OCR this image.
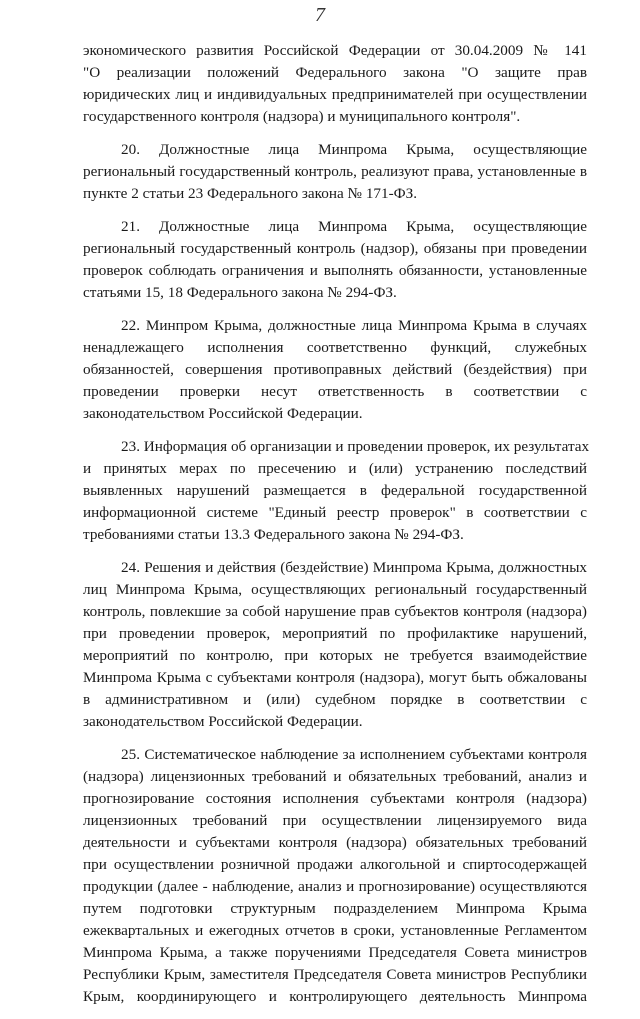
7
экономического развития Российской Федерации от 30.04.2009 № 141
"О реализации положений Федерального закона "О защите прав
юридических лиц и индивидуальных предпринимателей при осуществлении
государственного контроля (надзора) и муниципального контроля".
20. Должностные лица Минпрома Крыма, осуществляющие
региональный государственный контроль, реализуют права, установленные в
пункте 2 статьи 23 Федерального закона № 171-ФЗ.
21. Должностные лица Минпрома Крыма, осуществляющие
региональный государственный контроль (надзор), обязаны при проведении
проверок соблюдать ограничения и выполнять обязанности, установленные
статьями 15, 18 Федерального закона № 294-ФЗ.
22. Минпром Крыма, должностные лица Минпрома Крыма в случаях
ненадлежащего исполнения соответственно функций, служебных
обязанностей, совершения противоправных действий (бездействия) при
проведении проверки несут ответственность в соответствии с
законодательством Российской Федерации.
23. Информация об организации и проведении проверок, их результатах
и принятых мерах по пресечению и (или) устранению последствий
выявленных нарушений размещается в федеральной государственной
информационной системе "Единый реестр проверок" в соответствии с
требованиями статьи 13.3 Федерального закона № 294-ФЗ.
24. Решения и действия (бездействие) Минпрома Крыма, должностных
лиц Минпрома Крыма, осуществляющих региональный государственный
контроль, повлекшие за собой нарушение прав субъектов контроля (надзора)
при проведении проверок, мероприятий по профилактике нарушений,
мероприятий по контролю, при которых не требуется взаимодействие
Минпрома Крыма с субъектами контроля (надзора), могут быть обжалованы
в административном и (или) судебном порядке в соответствии с
законодательством Российской Федерации.
25. Систематическое наблюдение за исполнением субъектами контроля
(надзора) лицензионных требований и обязательных требований, анализ и
прогнозирование состояния исполнения субъектами контроля (надзора)
лицензионных требований при осуществлении лицензируемого вида
деятельности и субъектами контроля (надзора) обязательных требований
при осуществлении розничной продажи алкогольной и спиртосодержащей
продукции (далее - наблюдение, анализ и прогнозирование) осуществляются
путем подготовки структурным подразделением Минпрома Крыма
ежеквартальных и ежегодных отчетов в сроки, установленные Регламентом
Минпрома Крыма, а также поручениями Председателя Совета министров
Республики Крым, заместителя Председателя Совета министров Республики
Крым, координирующего и контролирующего деятельность Минпрома
